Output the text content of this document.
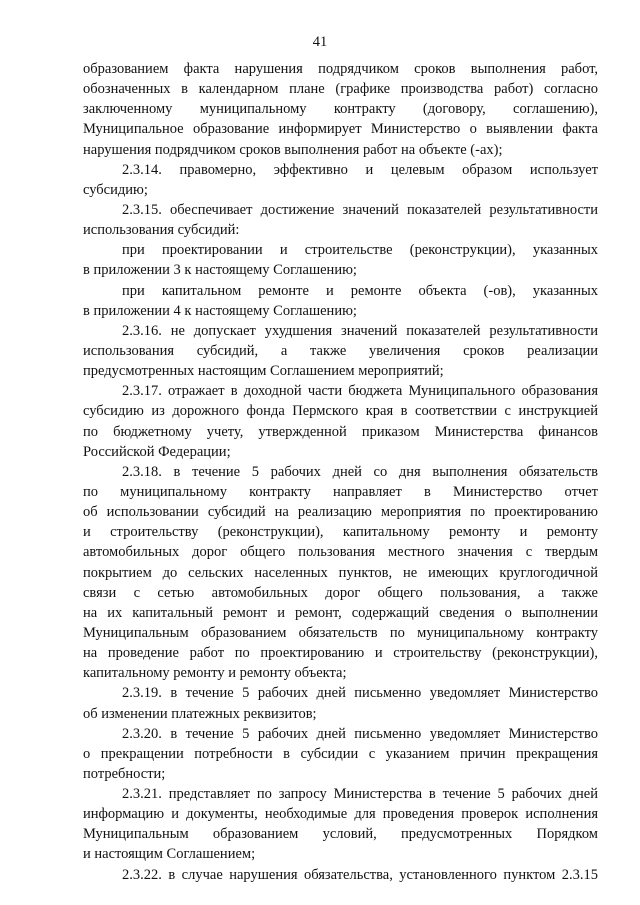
41
образованием факта нарушения подрядчиком сроков выполнения работ,
обозначенных в календарном плане (графике производства работ) согласно
заключенному муниципальному контракту (договору, соглашению),
Муниципальное образование информирует Министерство о выявлении факта
нарушения подрядчиком сроков выполнения работ на объекте (-ах);
2.3.14. правомерно, эффективно и целевым образом использует
субсидию;
2.3.15. обеспечивает достижение значений показателей результативности
использования субсидий:
при проектировании и строительстве (реконструкции), указанных
в приложении 3 к настоящему Соглашению;
при капитальном ремонте и ремонте объекта (-ов), указанных
в приложении 4 к настоящему Соглашению;
2.3.16. не допускает ухудшения значений показателей результативности
использования субсидий, а также увеличения сроков реализации
предусмотренных настоящим Соглашением мероприятий;
2.3.17. отражает в доходной части бюджета Муниципального образования
субсидию из дорожного фонда Пермского края в соответствии с инструкцией
по бюджетному учету, утвержденной приказом Министерства финансов
Российской Федерации;
2.3.18. в течение 5 рабочих дней со дня выполнения обязательств
по муниципальному контракту направляет в Министерство отчет
об использовании субсидий на реализацию мероприятия по проектированию
и строительству (реконструкции), капитальному ремонту и ремонту
автомобильных дорог общего пользования местного значения с твердым
покрытием до сельских населенных пунктов, не имеющих круглогодичной
связи с сетью автомобильных дорог общего пользования, а также
на их капитальный ремонт и ремонт, содержащий сведения о выполнении
Муниципальным образованием обязательств по муниципальному контракту
на проведение работ по проектированию и строительству (реконструкции),
капитальному ремонту и ремонту объекта;
2.3.19. в течение 5 рабочих дней письменно уведомляет Министерство
об изменении платежных реквизитов;
2.3.20. в течение 5 рабочих дней письменно уведомляет Министерство
о прекращении потребности в субсидии с указанием причин прекращения
потребности;
2.3.21. представляет по запросу Министерства в течение 5 рабочих дней
информацию и документы, необходимые для проведения проверок исполнения
Муниципальным образованием условий, предусмотренных Порядком
и настоящим Соглашением;
2.3.22. в случае нарушения обязательства, установленного пунктом 2.3.15
